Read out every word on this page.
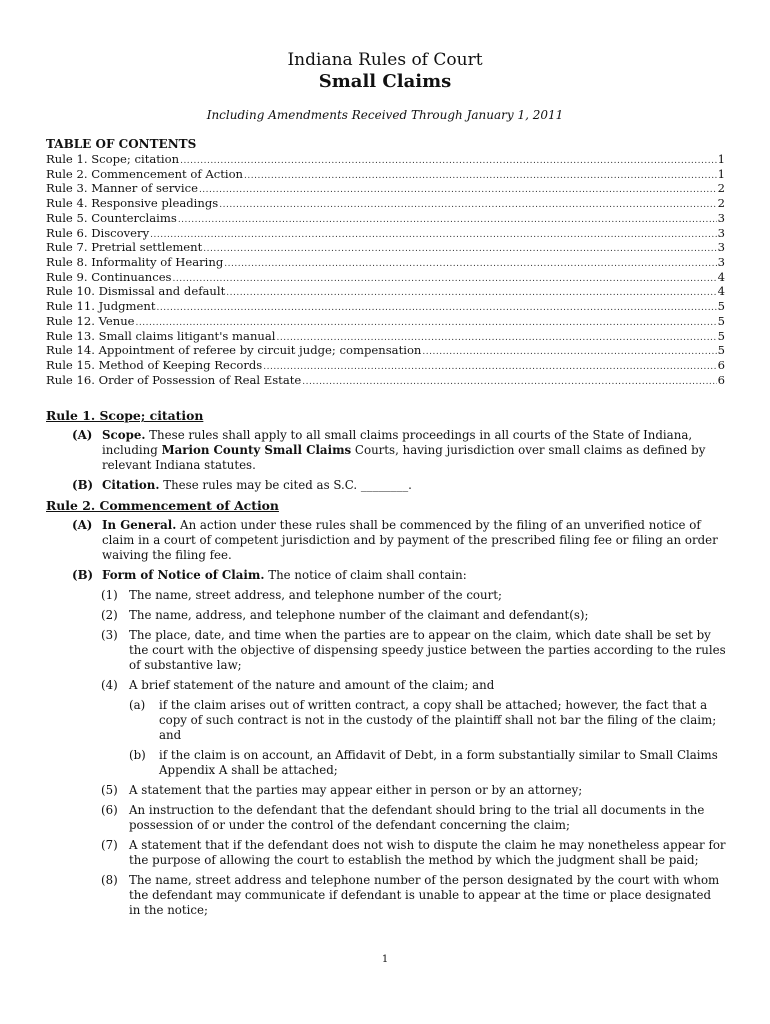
Indiana Rules of Court
Small Claims
Including Amendments Received Through January 1, 2011
TABLE OF CONTENTS
Rule 1. Scope; citation .....	1
Rule 2. Commencement of Action .....	1
Rule 3. Manner of service .....	2
Rule 4. Responsive pleadings .....	2
Rule 5. Counterclaims .....	3
Rule 6. Discovery .....	3
Rule 7. Pretrial settlement .....	3
Rule 8. Informality of Hearing .....	3
Rule 9. Continuances .....	4
Rule 10. Dismissal and default .....	4
Rule 11. Judgment .....	5
Rule 12. Venue .....	5
Rule 13. Small claims litigant's manual .....	5
Rule 14. Appointment of referee by circuit judge; compensation .....	5
Rule 15. Method of Keeping Records .....	6
Rule 16. Order of Possession of Real Estate .....	6
Rule 1. Scope; citation
(A) Scope. These rules shall apply to all small claims proceedings in all courts of the State of Indiana, including Marion County Small Claims Courts, having jurisdiction over small claims as defined by relevant Indiana statutes.
(B) Citation. These rules may be cited as S.C. ________.
Rule 2. Commencement of Action
(A) In General. An action under these rules shall be commenced by the filing of an unverified notice of claim in a court of competent jurisdiction and by payment of the prescribed filing fee or filing an order waiving the filing fee.
(B) Form of Notice of Claim. The notice of claim shall contain:
(1) The name, street address, and telephone number of the court;
(2) The name, address, and telephone number of the claimant and defendant(s);
(3) The place, date, and time when the parties are to appear on the claim, which date shall be set by the court with the objective of dispensing speedy justice between the parties according to the rules of substantive law;
(4) A brief statement of the nature and amount of the claim; and
(a)	if the claim arises out of written contract, a copy shall be attached; however, the fact that a copy of such contract is not in the custody of the plaintiff shall not bar the filing of the claim; and
(b)	if the claim is on account, an Affidavit of Debt, in a form substantially similar to Small Claims Appendix A shall be attached;
(5) A statement that the parties may appear either in person or by an attorney;
(6) An instruction to the defendant that the defendant should bring to the trial all documents in the possession of or under the control of the defendant concerning the claim;
(7) A statement that if the defendant does not wish to dispute the claim he may nonetheless appear for the purpose of allowing the court to establish the method by which the judgment shall be paid;
(8) The name, street address and telephone number of the person designated by the court with whom the defendant may communicate if defendant is unable to appear at the time or place designated in the notice;
1
